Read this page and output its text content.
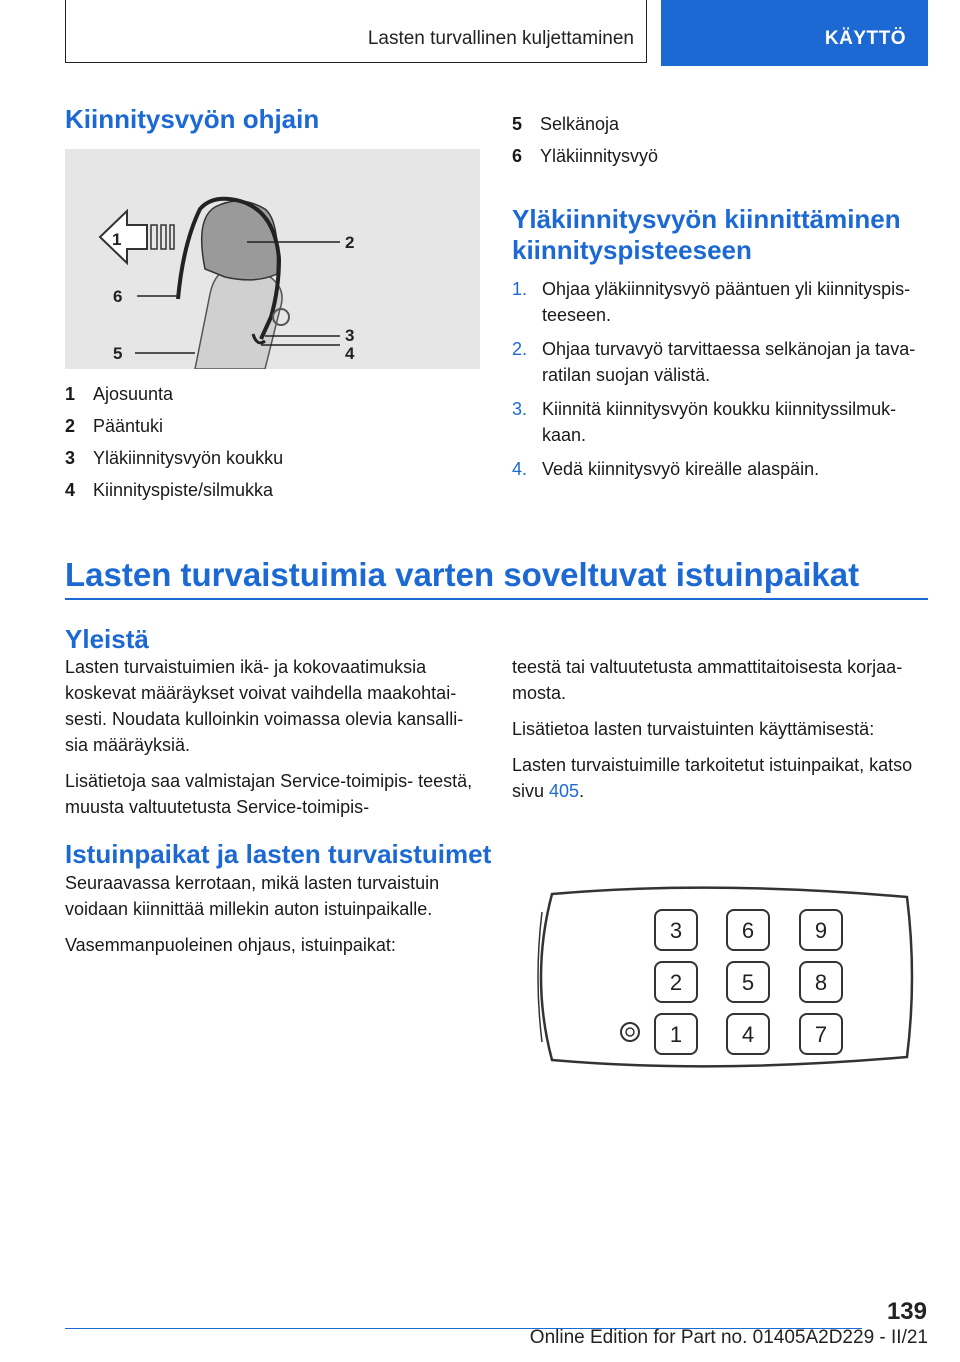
Lasten turvallinen kuljettaminen	KÄYTTÖ
Kiinnitysvyön ohjain
1	2
3
4
5
6
1 Ajosuunta
2 Pääntuki
3 Yläkiinnitysvyön koukku
4 Kiinnityspiste/silmukka
5 Selkänoja
6 Yläkiinnitysvyö
Yläkiinnitysvyön kiinnittäminen
kiinnityspisteeseen
1. Ohjaa yläkiinnitysvyö pääntuen yli kiinnityspis‐ teeseen.
2. Ohjaa turvavyö tarvittaessa selkänojan ja tava‐ ratilan suojan välistä.
3. Kiinnitä kiinnitysvyön koukku kiinnityssilmuk‐ kaan.
4. Vedä kiinnitysvyö kireälle alaspäin.
Lasten turvaistuimia varten soveltuvat istuinpaikat
Yleistä

Lasten turvaistuimien ikä- ja kokovaatimuksia koskevat määräykset voivat vaihdella maakohtai‐ sesti. Noudata kulloinkin voimassa olevia kansalli‐ sia määräyksiä.

Lisätietoja saa valmistajan Service-toimipis‐ teestä, muusta valtuutetusta Service-toimipis‐

teestä tai valtuutetusta ammattitaitoisesta korjaa‐ mosta.

Lisätietoa lasten turvaistuinten käyttämisestä:

Lasten turvaistuimille tarkoitetut istuinpaikat, katso sivu 405.

Istuinpaikat ja lasten turvaistuimet

Seuraavassa kerrotaan, mikä lasten turvaistuin voidaan kiinnittää millekin auton istuinpaikalle.

Vasemmanpuoleinen ohjaus, istuinpaikat:

3	6	9
2	5	8
1	4	7
139
Online Edition for Part no. 01405A2D229 - II/21
